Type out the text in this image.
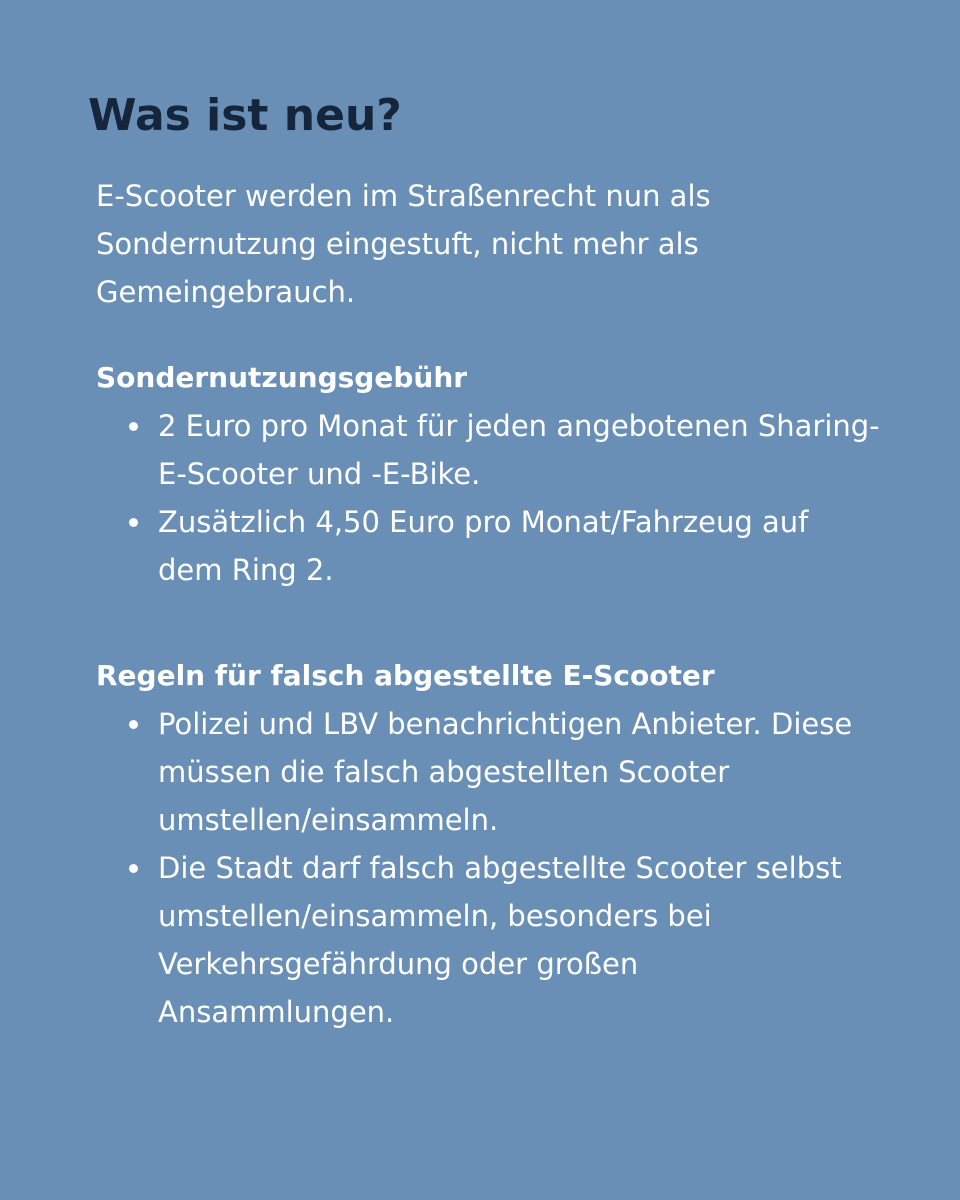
Was ist neu?

E-Scooter werden im Straßenrecht nun als Sondernutzung eingestuft, nicht mehr als Gemeingebrauch.

Sondernutzungsgebühr
2 Euro pro Monat für jeden angebotenen Sharing-E-Scooter und -E-Bike.
Zusätzlich 4,50 Euro pro Monat/Fahrzeug auf dem Ring 2.
Regeln für falsch abgestellte E-Scooter
Polizei und LBV benachrichtigen Anbieter. Diese müssen die falsch abgestellten Scooter umstellen/einsammeln.
Die Stadt darf falsch abgestellte Scooter selbst umstellen/einsammeln, besonders bei Verkehrsgefährdung oder großen Ansammlungen.
